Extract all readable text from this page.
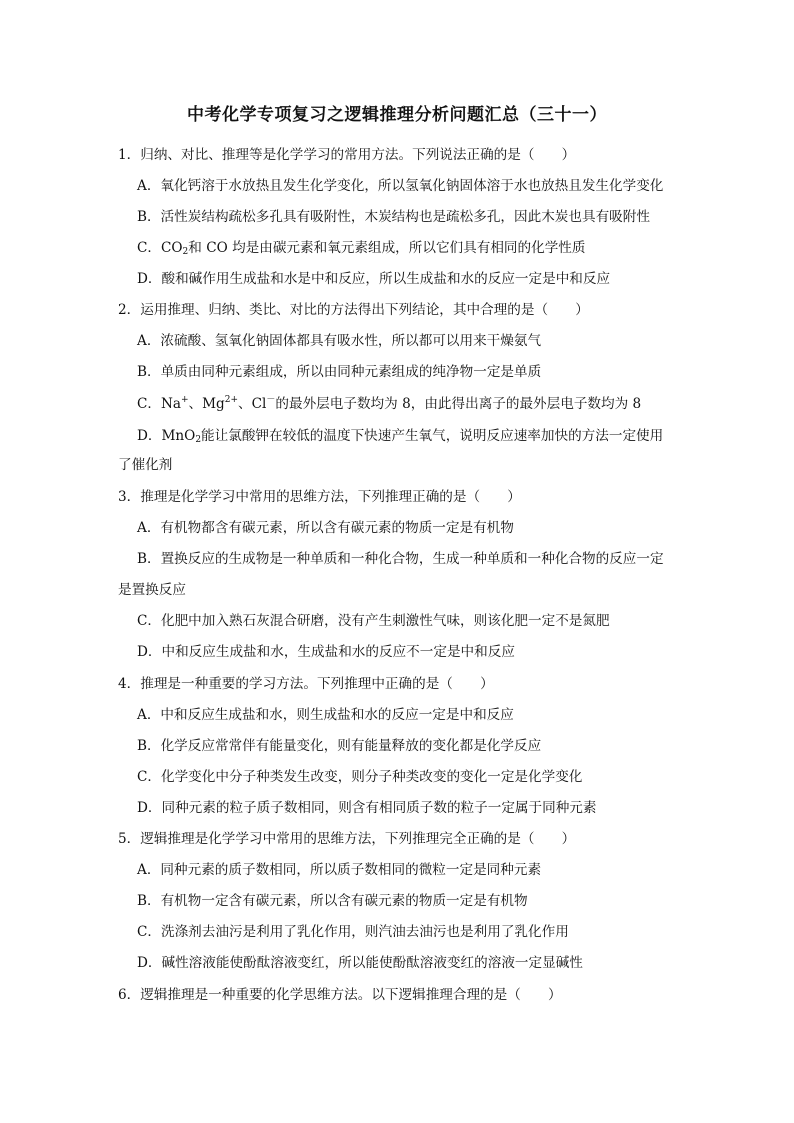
中考化学专项复习之逻辑推理分析问题汇总（三十一）
1．归纳、对比、推理等是化学学习的常用方法。下列说法正确的是（　　）
A．氧化钙溶于水放热且发生化学变化，所以氢氧化钠固体溶于水也放热且发生化学变化
B．活性炭结构疏松多孔具有吸附性，木炭结构也是疏松多孔，因此木炭也具有吸附性
C．$CO_2$和 CO 均是由碳元素和氧元素组成，所以它们具有相同的化学性质
D．酸和碱作用生成盐和水是中和反应，所以生成盐和水的反应一定是中和反应
2．运用推理、归纳、类比、对比的方法得出下列结论，其中合理的是（　　）
A．浓硫酸、氢氧化钠固体都具有吸水性，所以都可以用来干燥氨气
B．单质由同种元素组成，所以由同种元素组成的纯净物一定是单质
C．Na+、$Mg^{2+}$、Cl－的最外层电子数均为 8，由此得出离子的最外层电子数均为 8
D．MnO$_2$能让氯酸钾在较低的温度下快速产生氧气，说明反应速率加快的方法一定使用
了催化剂
3．推理是化学学习中常用的思维方法，下列推理正确的是（　　）
A．有机物都含有碳元素，所以含有碳元素的物质一定是有机物
B．置换反应的生成物是一种单质和一种化合物，生成一种单质和一种化合物的反应一定
是置换反应
C．化肥中加入熟石灰混合研磨，没有产生刺激性气味，则该化肥一定不是氮肥
D．中和反应生成盐和水，生成盐和水的反应不一定是中和反应
4．推理是一种重要的学习方法。下列推理中正确的是（　　）
A．中和反应生成盐和水，则生成盐和水的反应一定是中和反应
B．化学反应常常伴有能量变化，则有能量释放的变化都是化学反应
C．化学变化中分子种类发生改变，则分子种类改变的变化一定是化学变化
D．同种元素的粒子质子数相同，则含有相同质子数的粒子一定属于同种元素
5．逻辑推理是化学学习中常用的思维方法，下列推理完全正确的是（　　）
A．同种元素的质子数相同，所以质子数相同的微粒一定是同种元素
B．有机物一定含有碳元素，所以含有碳元素的物质一定是有机物
C．洗涤剂去油污是利用了乳化作用，则汽油去油污也是利用了乳化作用
D．碱性溶液能使酚酞溶液变红，所以能使酚酞溶液变红的溶液一定显碱性
6．逻辑推理是一种重要的化学思维方法。以下逻辑推理合理的是（　　）
